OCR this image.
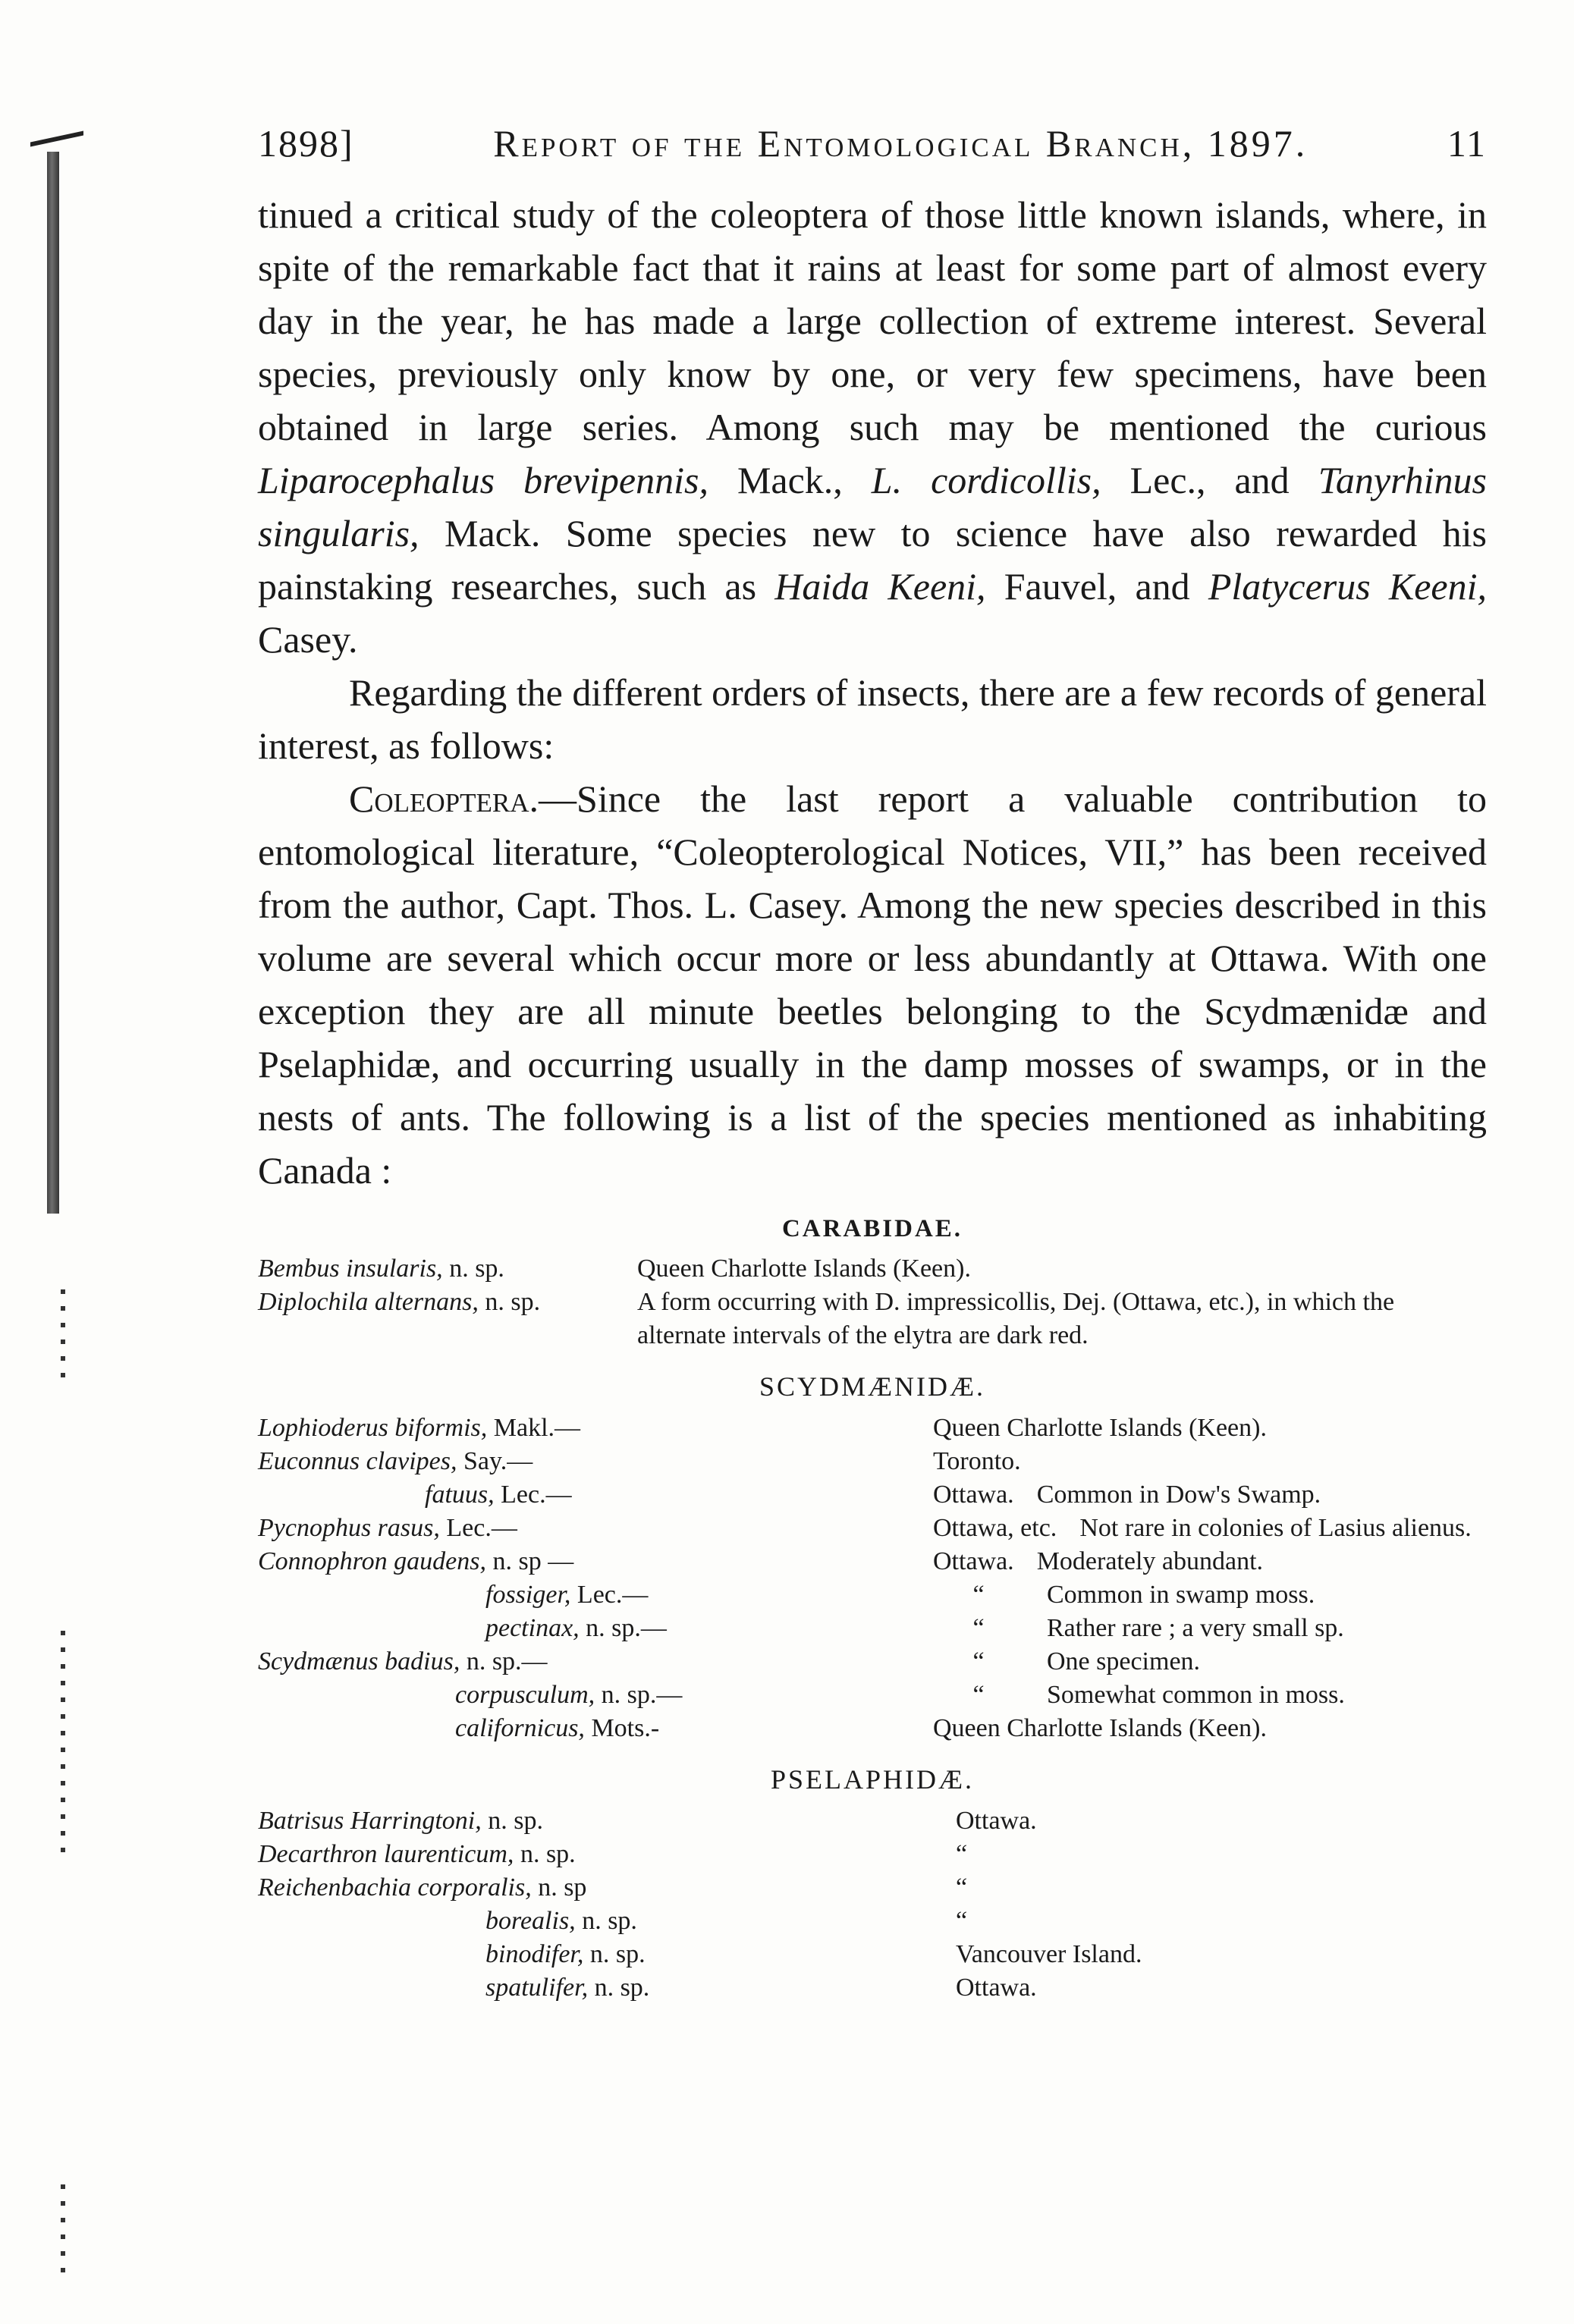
1898]	Report of the Entomological Branch, 1897.	11

tinued a critical study of the coleoptera of those little known islands, where, in spite of the remarkable fact that it rains at least for some part of almost every day in the year, he has made a large collection of extreme interest. Several species, previously only know by one, or very few specimens, have been obtained in large series. Among such may be mentioned the curious Liparocephalus brevipennis, Mack., L. cordicollis, Lec., and Tanyrhinus singularis, Mack. Some species new to science have also rewarded his painstaking researches, such as Haida Keeni, Fauvel, and Platycerus Keeni, Casey.

Regarding the different orders of insects, there are a few records of general interest, as follows:

Coleoptera.—Since the last report a valuable contribution to entomological literature, “Coleopterological Notices, VII,” has been received from the author, Capt. Thos. L. Casey. Among the new species described in this volume are several which occur more or less abundantly at Ottawa. With one exception they are all minute beetles belonging to the Scydmænidæ and Pselaphidæ, and occurring usually in the damp mosses of swamps, or in the nests of ants. The following is a list of the species mentioned as inhabiting Canada :

CARABIDAE.
Bembus insularis, n. sp.	Queen Charlotte Islands (Keen).
Diplochila alternans, n. sp.	A form occurring with D. impressicollis, Dej. (Ottawa, etc.), in which the alternate intervals of the elytra are dark red.
SCYDMÆNIDÆ.
Lophioderus biformis, Makl.—	Queen Charlotte Islands (Keen).
Euconnus clavipes, Say.—	Toronto.
fatuus, Lec.—	Ottawa. Common in Dow's Swamp.
Pycnophus rasus, Lec.—	Ottawa, etc. Not rare in colonies of Lasius alienus.
Connophron gaudens, n. sp —	Ottawa. Moderately abundant.
fossiger, Lec.—	“ Common in swamp moss.
pectinax, n. sp.—	“ Rather rare ; a very small sp.
Scydmænus badius, n. sp.—	“ One specimen.
corpusculum, n. sp.—	“ Somewhat common in moss.
californicus, Mots.-	Queen Charlotte Islands (Keen).
PSELAPHIDÆ.
Batrisus Harringtoni, n. sp.	Ottawa.
Decarthron laurenticum, n. sp.	“
Reichenbachia corporalis, n. sp	“
borealis, n. sp.	“
binodifer, n. sp.	Vancouver Island.
spatulifer, n. sp.	Ottawa.
